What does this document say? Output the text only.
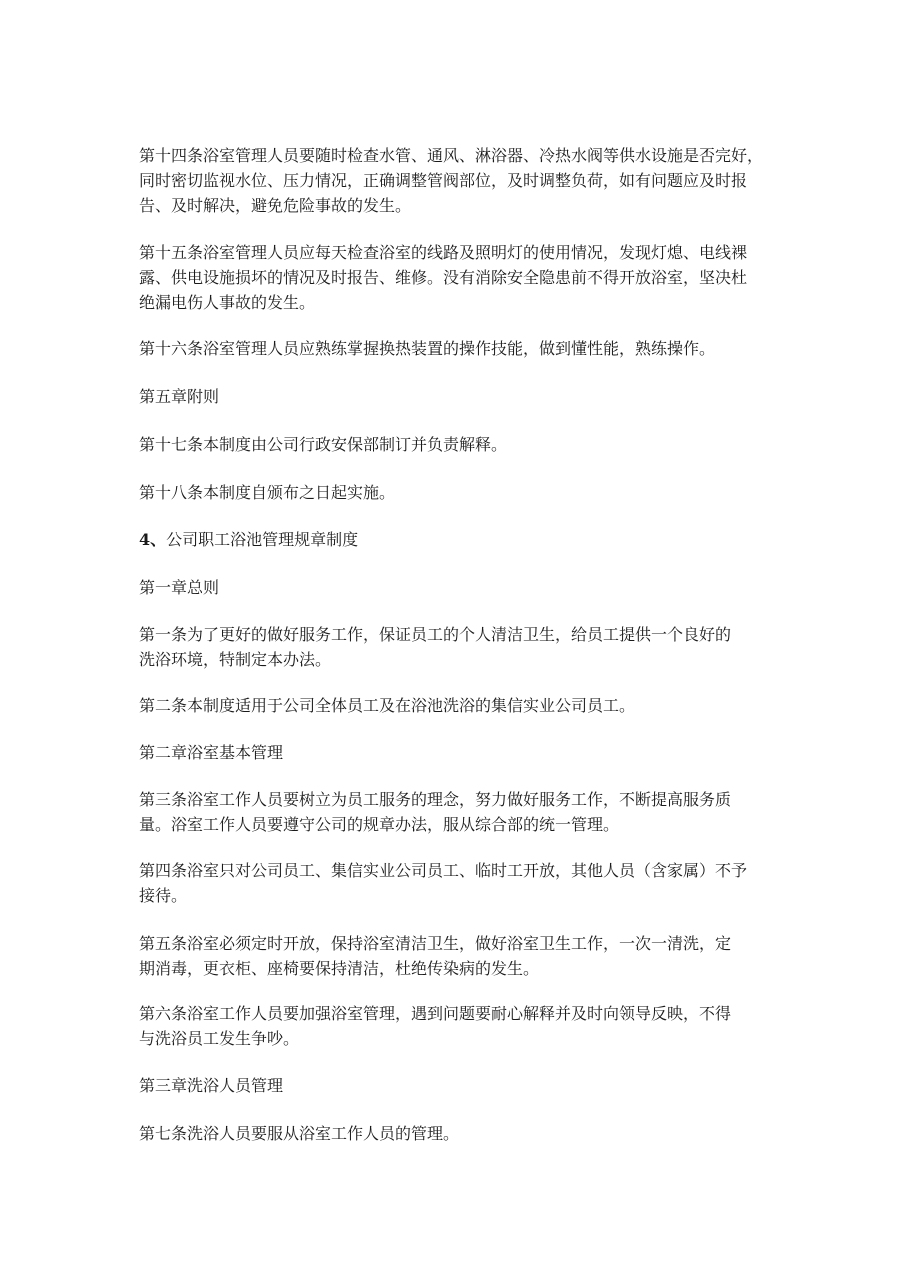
第十四条浴室管理人员要随时检查水管、通风、淋浴器、冷热水阀等供水设施是否完好，
同时密切监视水位、压力情况，正确调整管阀部位，及时调整负荷，如有问题应及时报
告、及时解决，避免危险事故的发生。

第十五条浴室管理人员应每天检查浴室的线路及照明灯的使用情况，发现灯熄、电线裸
露、供电设施损坏的情况及时报告、维修。没有消除安全隐患前不得开放浴室，坚决杜
绝漏电伤人事故的发生。

第十六条浴室管理人员应熟练掌握换热装置的操作技能，做到懂性能，熟练操作。

第五章附则

第十七条本制度由公司行政安保部制订并负责解释。

第十八条本制度自颁布之日起实施。

4、公司职工浴池管理规章制度

第一章总则

第一条为了更好的做好服务工作，保证员工的个人清洁卫生，给员工提供一个良好的
洗浴环境，特制定本办法。

第二条本制度适用于公司全体员工及在浴池洗浴的集信实业公司员工。

第二章浴室基本管理

第三条浴室工作人员要树立为员工服务的理念，努力做好服务工作，不断提高服务质
量。浴室工作人员要遵守公司的规章办法，服从综合部的统一管理。

第四条浴室只对公司员工、集信实业公司员工、临时工开放，其他人员（含家属）不予
接待。

第五条浴室必须定时开放，保持浴室清洁卫生，做好浴室卫生工作，一次一清洗，定
期消毒，更衣柜、座椅要保持清洁，杜绝传染病的发生。

第六条浴室工作人员要加强浴室管理，遇到问题要耐心解释并及时向领导反映，不得
与洗浴员工发生争吵。

第三章洗浴人员管理

第七条洗浴人员要服从浴室工作人员的管理。
